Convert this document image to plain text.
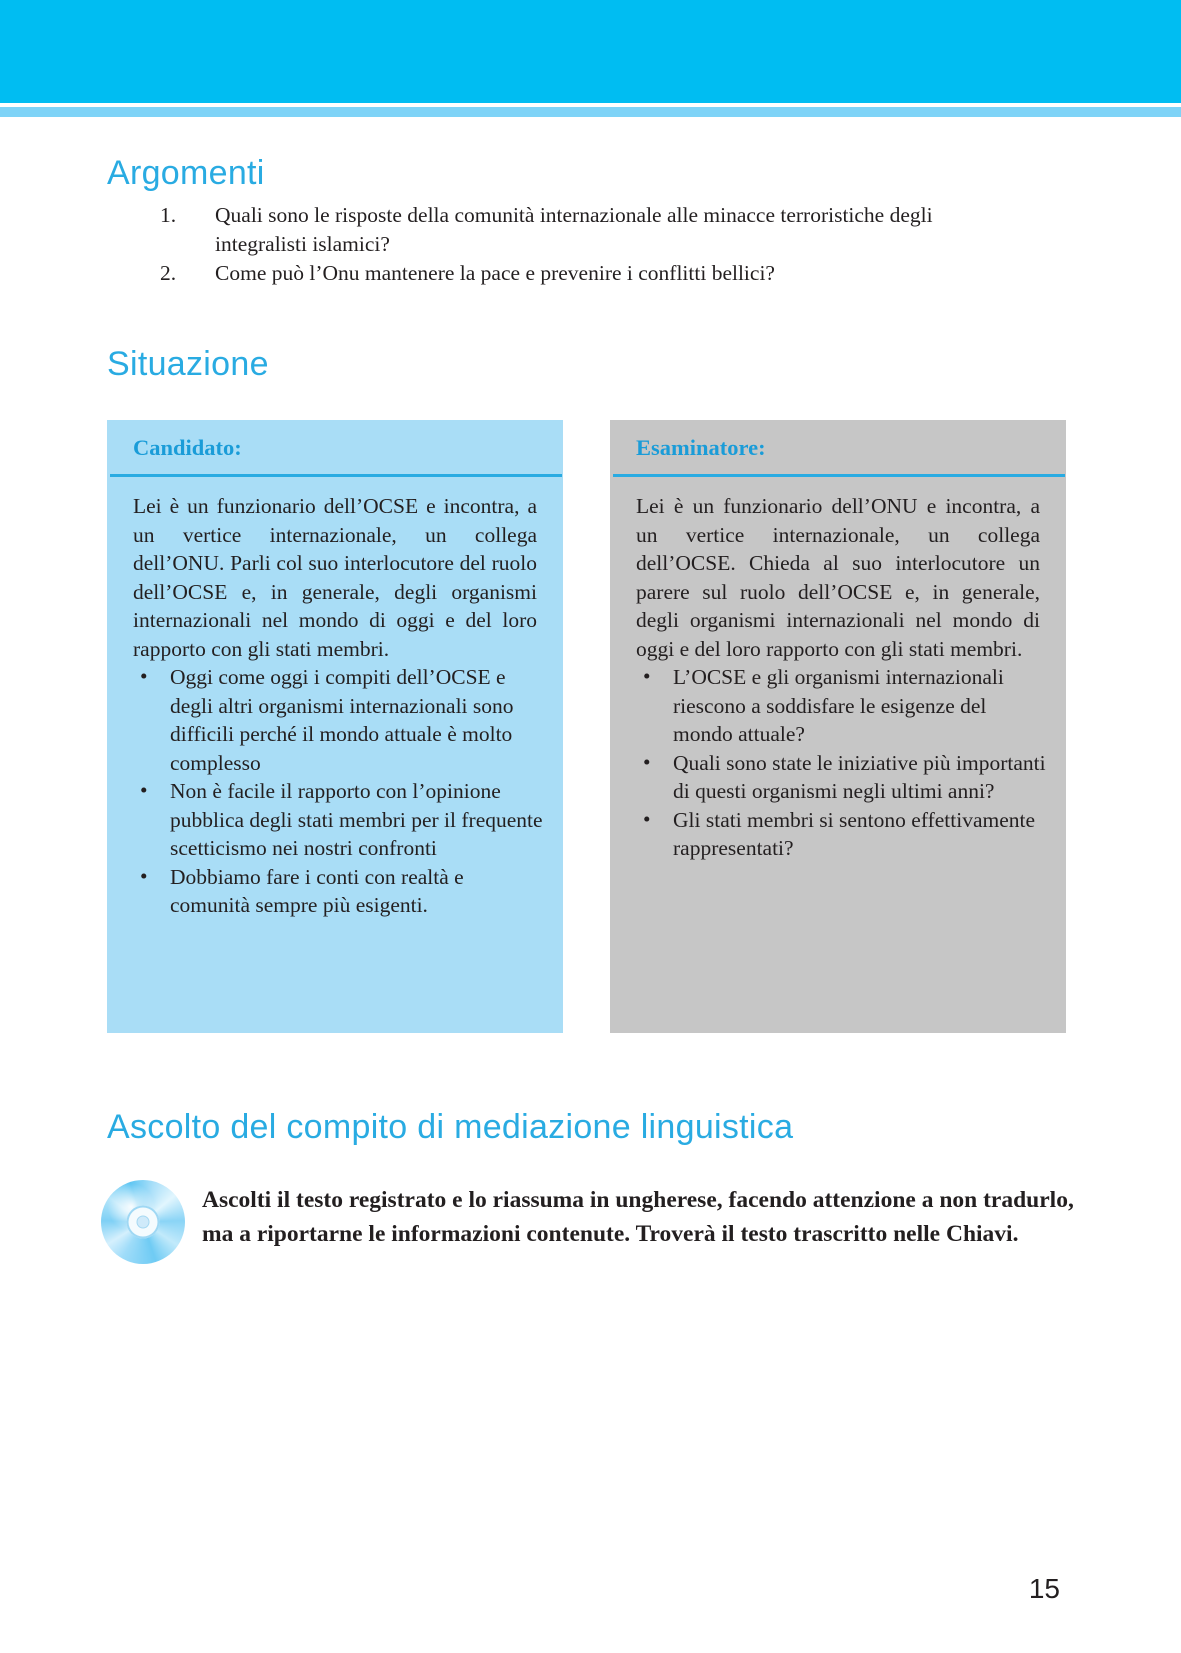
Argomenti
1.	Quali sono le risposte della comunità internazionale alle minacce terroristiche degli integralisti islamici?
2.	Come può l’Onu mantenere la pace e prevenire i conflitti bellici?
Situazione
Candidato:

Lei è un funzionario dell’OCSE e incontra, a un vertice internazionale, un collega dell’ONU. Parli col suo interlocutore del ruolo dell’OCSE e, in generale, degli organismi internazionali nel mondo di oggi e del loro rapporto con gli stati membri.

• Oggi come oggi i compiti dell’OCSE e degli altri organismi internazionali sono difficili perché il mondo attuale è molto complesso
• Non è facile il rapporto con l’opinione pubblica degli stati membri per il frequente scetticismo nei nostri confronti
• Dobbiamo fare i conti con realtà e comunità sempre più esigenti.
Esaminatore:

Lei è un funzionario dell’ONU e incontra, a un vertice internazionale, un collega dell’OCSE. Chieda al suo interlocutore un parere sul ruolo dell’OCSE e, in generale, degli organismi internazionali nel mondo di oggi e del loro rapporto con gli stati membri.

• L’OCSE e gli organismi internazionali riescono a soddisfare le esigenze del mondo attuale?
• Quali sono state le iniziative più importanti di questi organismi negli ultimi anni?
• Gli stati membri si sentono effettivamente rappresentati?
Ascolto del compito di mediazione linguistica

Ascolti il testo registrato e lo riassuma in ungherese, facendo attenzione a non tradurlo, ma a riportarne le informazioni contenute. Troverà il testo trascritto nelle Chiavi.

15
